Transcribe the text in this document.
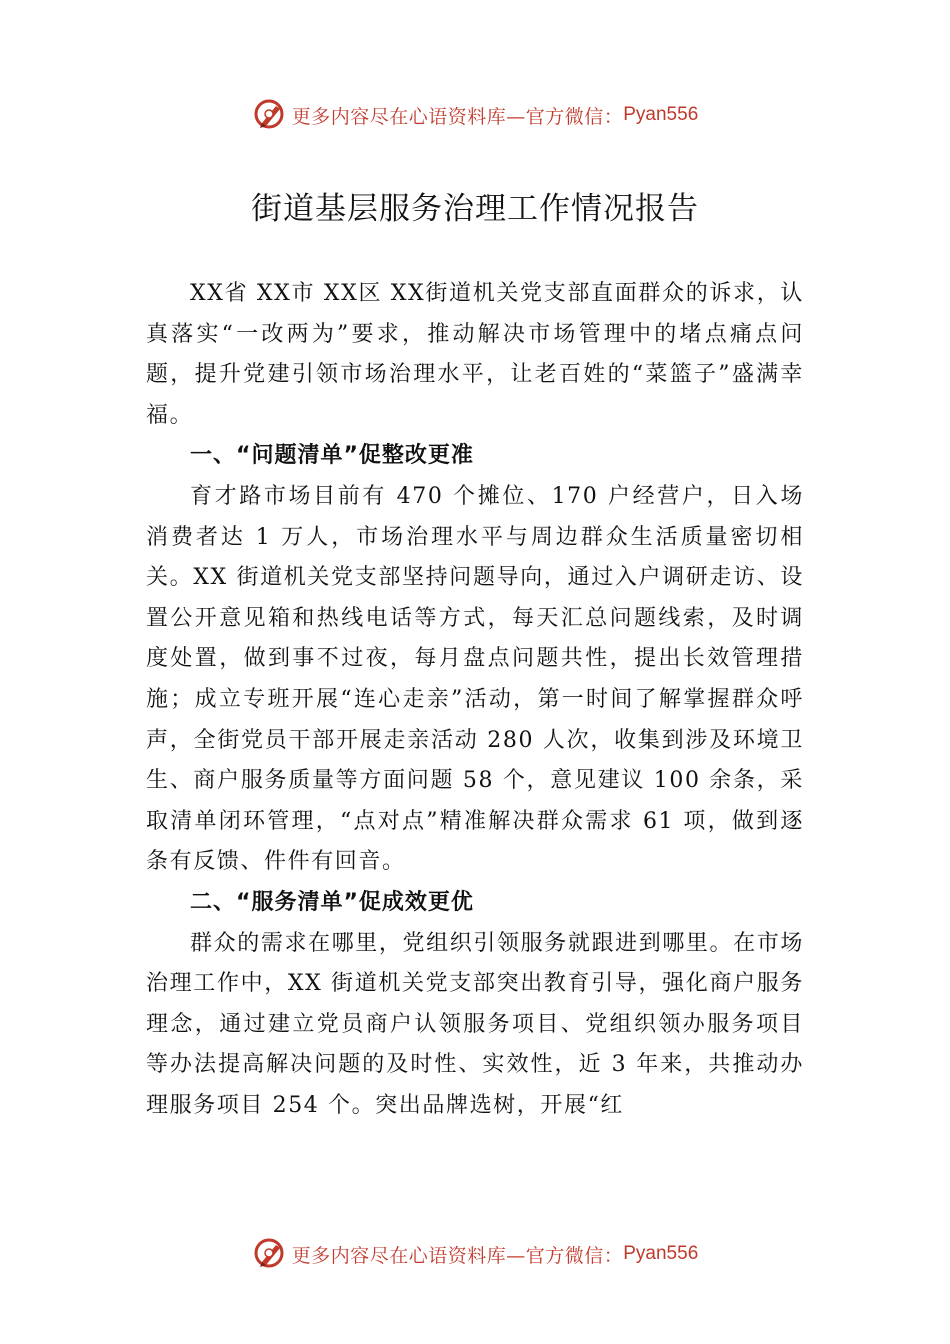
更多内容尽在心语资料库—官方微信： Pyan556
街道基层服务治理工作情况报告

XX省 XX市 XX区 XX街道机关党支部直面群众的诉求，认真落实“一改两为”要求，推动解决市场管理中的堵点痛点问题，提升党建引领市场治理水平，让老百姓的“菜篮子”盛满幸福。

一、“问题清单”促整改更准

育才路市场目前有 470 个摊位、170 户经营户，日入场消费者达 1 万人，市场治理水平与周边群众生活质量密切相关。XX 街道机关党支部坚持问题导向，通过入户调研走访、设置公开意见箱和热线电话等方式，每天汇总问题线索，及时调度处置，做到事不过夜，每月盘点问题共性，提出长效管理措施；成立专班开展“连心走亲”活动，第一时间了解掌握群众呼声，全街党员干部开展走亲活动 280 人次，收集到涉及环境卫生、商户服务质量等方面问题 58 个，意见建议 100 余条，采取清单闭环管理，“点对点”精准解决群众需求 61 项，做到逐条有反馈、件件有回音。

二、“服务清单”促成效更优

群众的需求在哪里，党组织引领服务就跟进到哪里。在市场治理工作中，XX 街道机关党支部突出教育引导，强化商户服务理念，通过建立党员商户认领服务项目、党组织领办服务项目等办法提高解决问题的及时性、实效性，近 3 年来，共推动办理服务项目 254 个。突出品牌选树，开展“红

更多内容尽在心语资料库—官方微信： Pyan556
